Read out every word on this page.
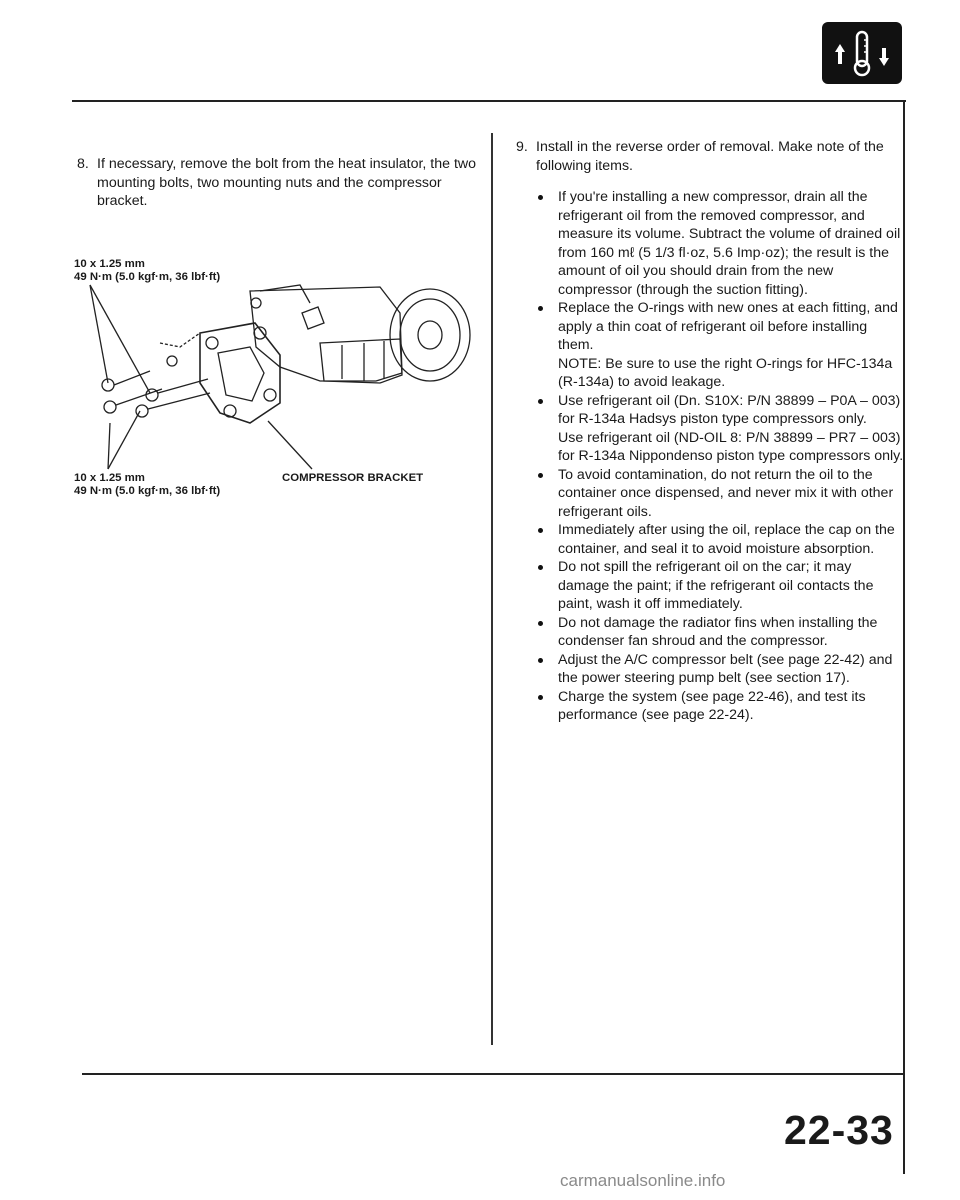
8. If necessary, remove the bolt from the heat insulator, the two mounting bolts, two mounting nuts and the compressor bracket.
10 x 1.25 mm
49 N·m (5.0 kgf·m, 36 lbf·ft)
10 x 1.25 mm
49 N·m (5.0 kgf·m, 36 lbf·ft)
COMPRESSOR BRACKET
9. Install in the reverse order of removal. Make note of the following items.
If you're installing a new compressor, drain all the refrigerant oil from the removed compressor, and measure its volume. Subtract the volume of drained oil from 160 mℓ (5 1/3 fl·oz, 5.6 Imp·oz); the result is the amount of oil you should drain from the new compressor (through the suction fitting).
Replace the O-rings with new ones at each fitting, and apply a thin coat of refrigerant oil before installing them.
NOTE: Be sure to use the right O-rings for HFC-134a (R-134a) to avoid leakage.
Use refrigerant oil (Dn. S10X: P/N 38899 – P0A – 003) for R-134a Hadsys piston type compressors only.
Use refrigerant oil (ND-OIL 8: P/N 38899 – PR7 – 003) for R-134a Nippondenso piston type compressors only.
To avoid contamination, do not return the oil to the container once dispensed, and never mix it with other refrigerant oils.
Immediately after using the oil, replace the cap on the container, and seal it to avoid moisture absorption.
Do not spill the refrigerant oil on the car; it may damage the paint; if the refrigerant oil contacts the paint, wash it off immediately.
Do not damage the radiator fins when installing the condenser fan shroud and the compressor.
Adjust the A/C compressor belt (see page 22-42) and the power steering pump belt (see section 17).
Charge the system (see page 22-46), and test its performance (see page 22-24).
22-33
carmanualsonline.info
